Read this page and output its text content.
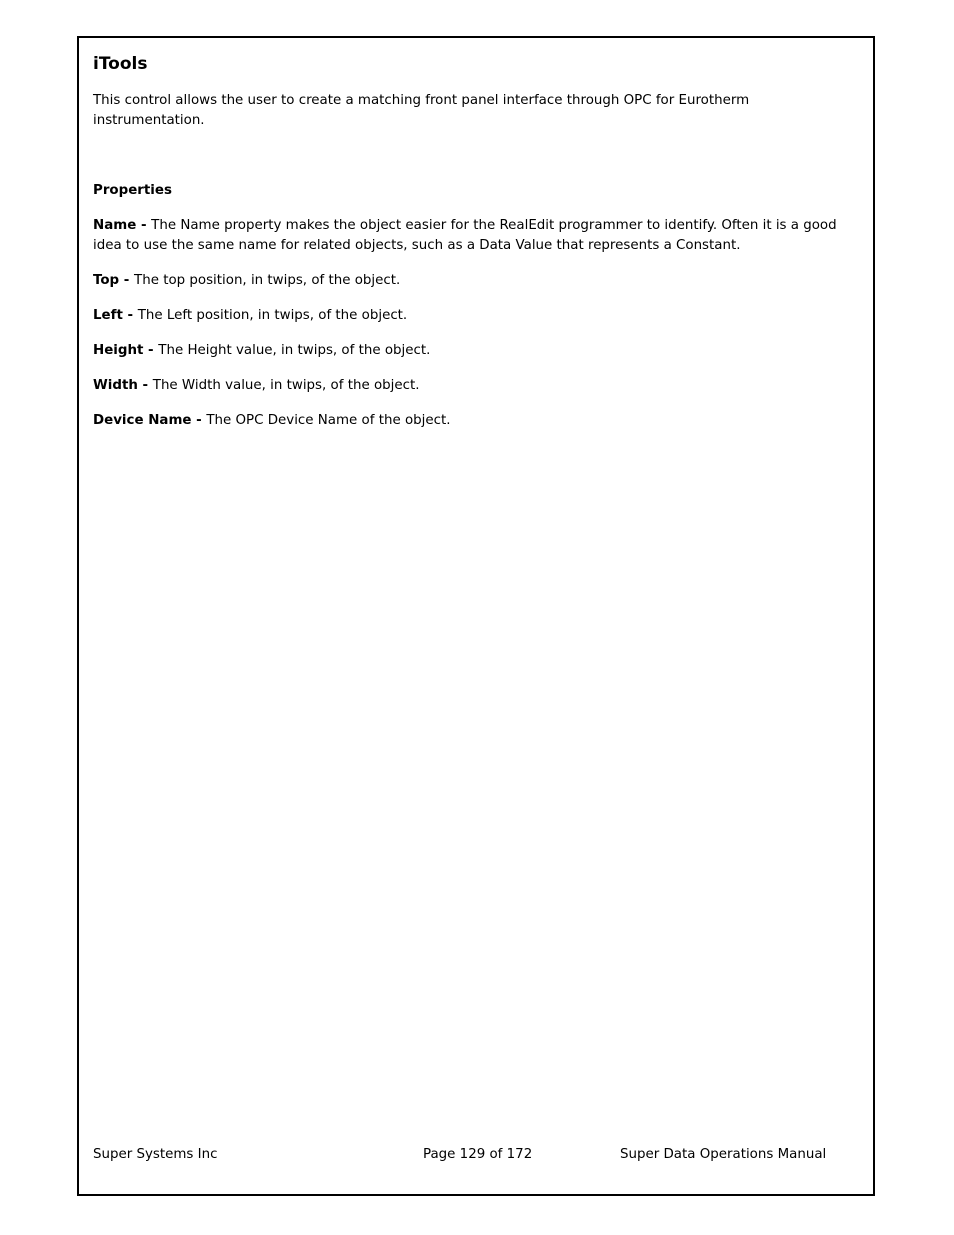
iTools

This control allows the user to create a matching front panel interface through OPC for Eurotherm instrumentation.

Properties

Name - The Name property makes the object easier for the RealEdit programmer to identify. Often it is a good idea to use the same name for related objects, such as a Data Value that represents a Constant.

Top - The top position, in twips, of the object.

Left - The Left position, in twips, of the object.

Height - The Height value, in twips, of the object.

Width - The Width value, in twips, of the object.

Device Name - The OPC Device Name of the object.

Super Systems Inc	Page 129 of 172	Super Data Operations Manual
